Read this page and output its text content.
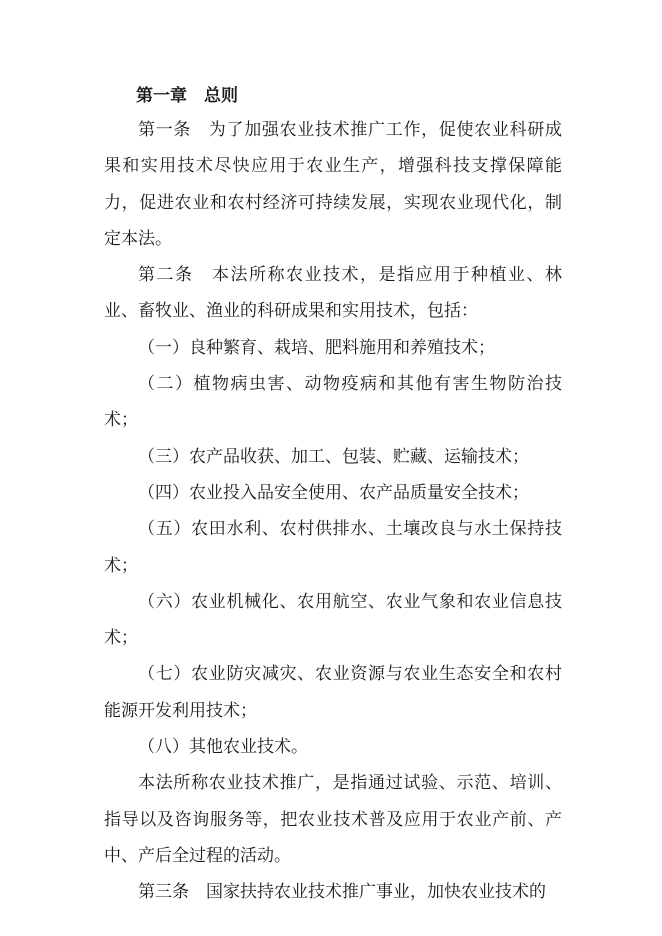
第一章　总则

第一条　为了加强农业技术推广工作，促使农业科研成果和实用技术尽快应用于农业生产，增强科技支撑保障能力，促进农业和农村经济可持续发展，实现农业现代化，制定本法。

第二条　本法所称农业技术，是指应用于种植业、林业、畜牧业、渔业的科研成果和实用技术，包括：

（一）良种繁育、栽培、肥料施用和养殖技术；

（二）植物病虫害、动物疫病和其他有害生物防治技术；

（三）农产品收获、加工、包装、贮藏、运输技术；

（四）农业投入品安全使用、农产品质量安全技术；

（五）农田水利、农村供排水、土壤改良与水土保持技术；

（六）农业机械化、农用航空、农业气象和农业信息技术；

（七）农业防灾减灾、农业资源与农业生态安全和农村能源开发利用技术；

（八）其他农业技术。

本法所称农业技术推广，是指通过试验、示范、培训、指导以及咨询服务等，把农业技术普及应用于农业产前、产中、产后全过程的活动。

第三条　国家扶持农业技术推广事业，加快农业技术的
